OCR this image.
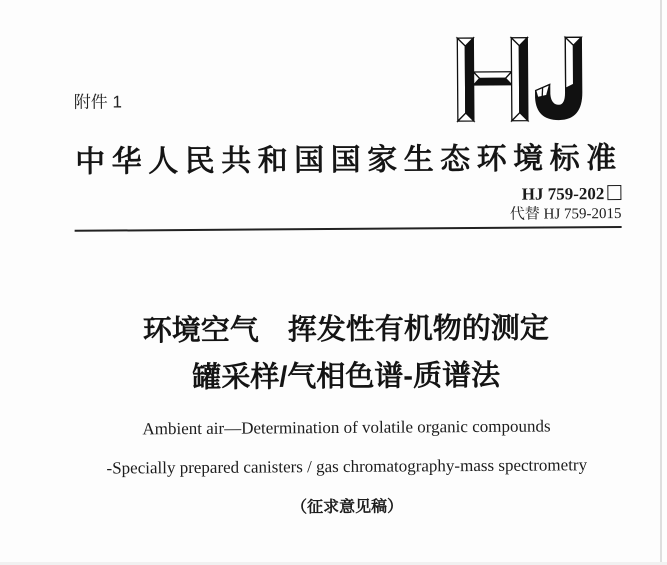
附件 1
中华人民共和国国家生态环境标准
HJ 759-202
代替 HJ 759-2015
环境空气　挥发性有机物的测定
罐采样/气相色谱-质谱法
Ambient air—Determination of volatile organic compounds
-Specially prepared canisters / gas chromatography-mass spectrometry
（征求意见稿）
